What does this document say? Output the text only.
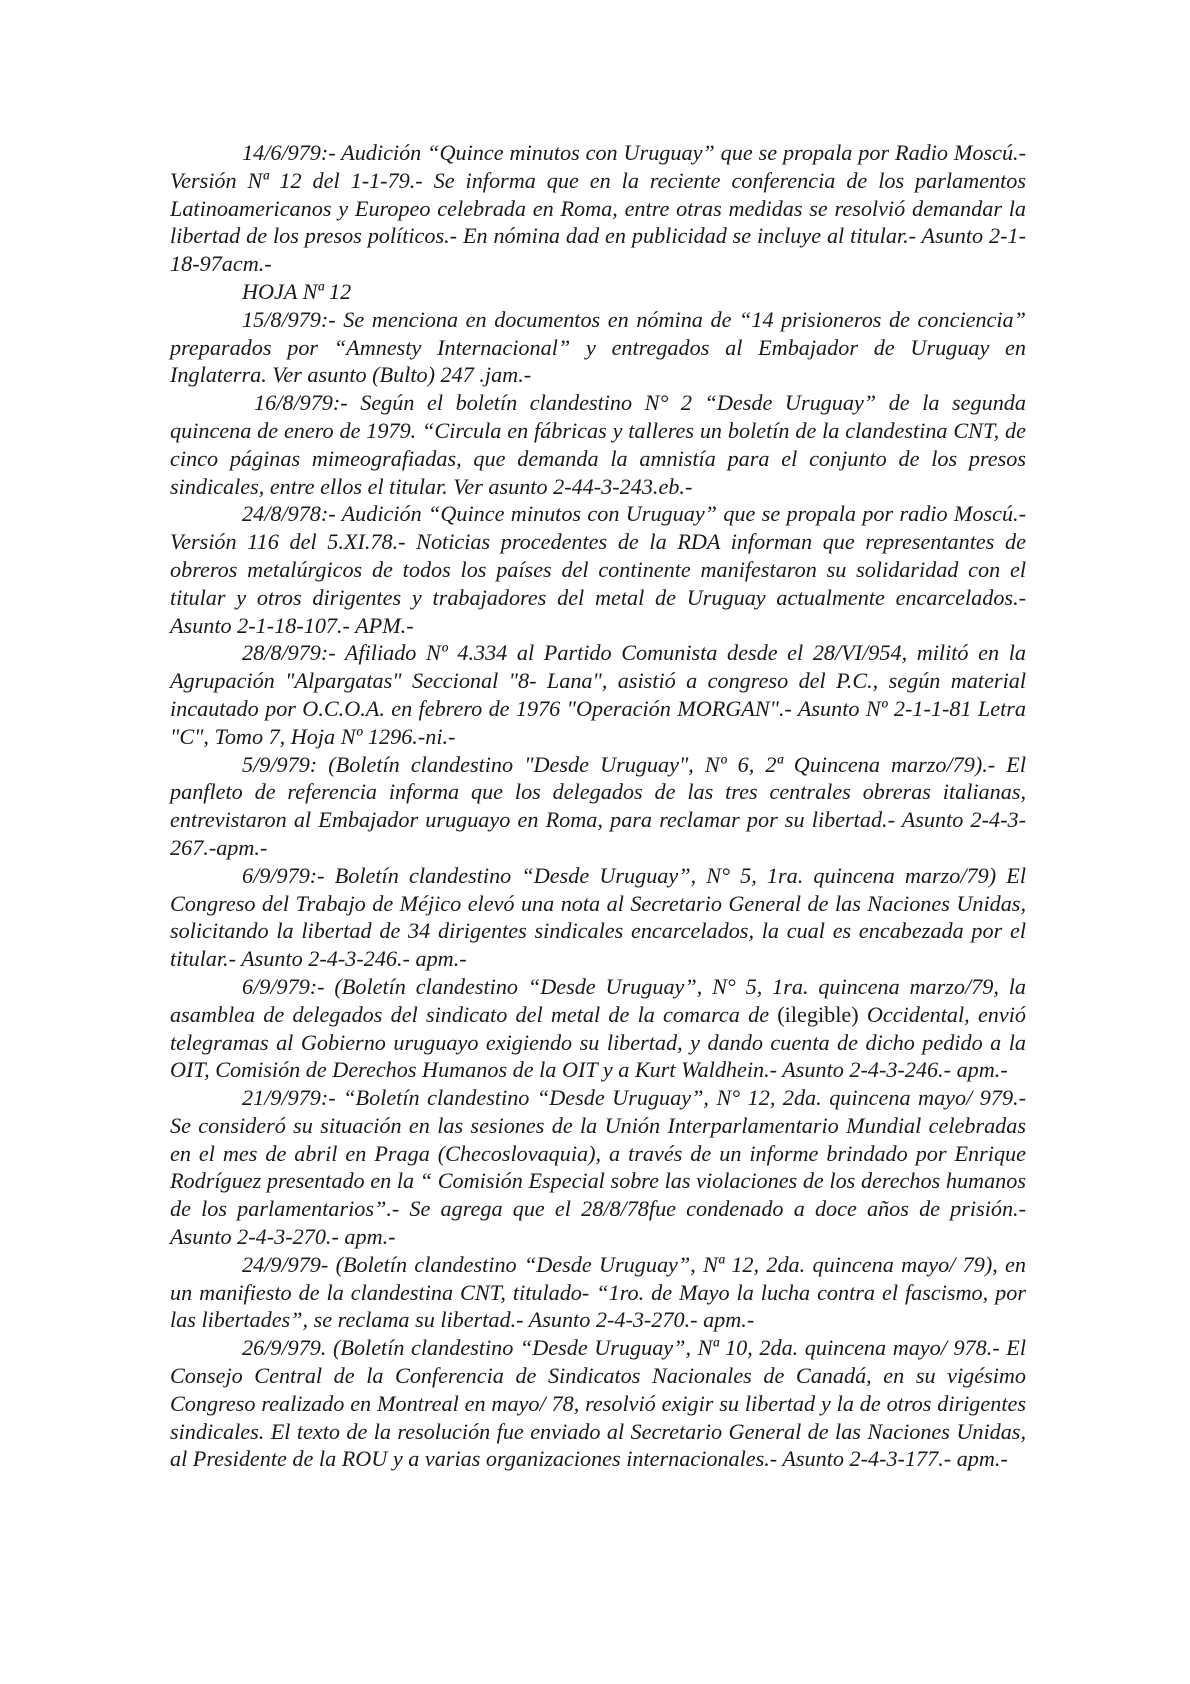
14/6/979:- Audición “Quince minutos con Uruguay” que se propala por Radio Moscú.- Versión Nª 12 del 1-1-79.- Se informa que en la reciente conferencia de los parlamentos Latinoamericanos y Europeo celebrada en Roma, entre otras medidas se resolvió demandar la libertad de los presos políticos.- En nómina dad en publicidad se incluye al titular.- Asunto 2-1-18-97acm.-

HOJA Nª 12

15/8/979:- Se menciona en documentos en nómina de “14 prisioneros de conciencia” preparados por “Amnesty Internacional” y entregados al Embajador de Uruguay en Inglaterra. Ver asunto (Bulto) 247 .jam.-

16/8/979:- Según el boletín clandestino N° 2 “Desde Uruguay” de la segunda quincena de enero de 1979. “Circula en fábricas y talleres un boletín de la clandestina CNT, de cinco páginas mimeografiadas, que demanda la amnistía para el conjunto de los presos sindicales, entre ellos el titular. Ver asunto 2-44-3-243.eb.-

24/8/978:- Audición “Quince minutos con Uruguay” que se propala por radio Moscú.- Versión 116 del 5.XI.78.- Noticias procedentes de la RDA informan que representantes de obreros metalúrgicos de todos los países del continente manifestaron su solidaridad con el titular y otros dirigentes y trabajadores del metal de Uruguay actualmente encarcelados.- Asunto 2-1-18-107.- APM.-

28/8/979:- Afiliado Nº 4.334 al Partido Comunista desde el 28/VI/954, militó en la Agrupación "Alpargatas" Seccional "8- Lana", asistió a congreso del P.C., según material incautado por O.C.O.A. en febrero de 1976 "Operación MORGAN".- Asunto Nº 2-1-1-81 Letra "C", Tomo 7, Hoja Nº 1296.-ni.-

5/9/979: (Boletín clandestino "Desde Uruguay", Nº 6, 2ª Quincena marzo/79).- El panfleto de referencia informa que los delegados de las tres centrales obreras italianas, entrevistaron al Embajador uruguayo en Roma, para reclamar por su libertad.- Asunto 2-4-3-267.-apm.-

6/9/979:- Boletín clandestino “Desde Uruguay”, N° 5, 1ra. quincena marzo/79) El Congreso del Trabajo de Méjico elevó una nota al Secretario General de las Naciones Unidas, solicitando la libertad de 34 dirigentes sindicales encarcelados, la cual es encabezada por el titular.- Asunto 2-4-3-246.- apm.-

6/9/979:- (Boletín clandestino “Desde Uruguay”, N° 5, 1ra. quincena marzo/79, la asamblea de delegados del sindicato del metal de la comarca de (ilegible) Occidental, envió telegramas al Gobierno uruguayo exigiendo su libertad, y dando cuenta de dicho pedido a la OIT, Comisión de Derechos Humanos de la OIT y a Kurt Waldhein.- Asunto 2-4-3-246.- apm.-

21/9/979:- “Boletín clandestino “Desde Uruguay”, N° 12, 2da. quincena mayo/ 979.- Se consideró su situación en las sesiones de la Unión Interparlamentario Mundial celebradas en el mes de abril en Praga (Checoslovaquia), a través de un informe brindado por Enrique Rodríguez presentado en la “ Comisión Especial sobre las violaciones de los derechos humanos de los parlamentarios”.- Se agrega que el 28/8/78fue condenado a doce años de prisión.- Asunto 2-4-3-270.- apm.-

24/9/979- (Boletín clandestino “Desde Uruguay”, Nª 12, 2da. quincena mayo/ 79), en un manifiesto de la clandestina CNT, titulado- “1ro. de Mayo la lucha contra el fascismo, por las libertades”, se reclama su libertad.- Asunto 2-4-3-270.- apm.-

26/9/979. (Boletín clandestino “Desde Uruguay”, Nª 10, 2da. quincena mayo/ 978.- El Consejo Central de la Conferencia de Sindicatos Nacionales de Canadá, en su vigésimo Congreso realizado en Montreal en mayo/ 78, resolvió exigir su libertad y la de otros dirigentes sindicales. El texto de la resolución fue enviado al Secretario General de las Naciones Unidas, al Presidente de la ROU y a varias organizaciones internacionales.- Asunto 2-4-3-177.- apm.-
